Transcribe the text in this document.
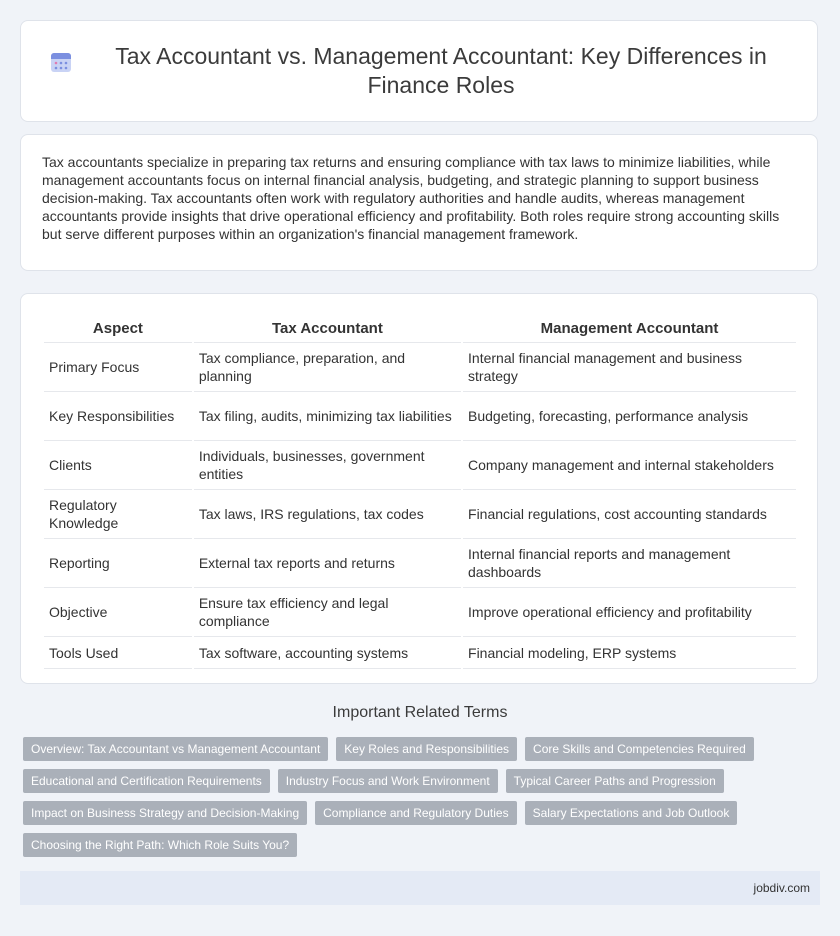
Tax Accountant vs. Management Accountant: Key Differences in Finance Roles

Tax accountants specialize in preparing tax returns and ensuring compliance with tax laws to minimize liabilities, while management accountants focus on internal financial analysis, budgeting, and strategic planning to support business decision-making. Tax accountants often work with regulatory authorities and handle audits, whereas management accountants provide insights that drive operational efficiency and profitability. Both roles require strong accounting skills but serve different purposes within an organization's financial management framework.

Aspect	Tax Accountant	Management Accountant
Primary Focus	Tax compliance, preparation, and planning	Internal financial management and business strategy
Key Responsibilities	Tax filing, audits, minimizing tax liabilities	Budgeting, forecasting, performance analysis
Clients	Individuals, businesses, government entities	Company management and internal stakeholders
Regulatory Knowledge	Tax laws, IRS regulations, tax codes	Financial regulations, cost accounting standards
Reporting	External tax reports and returns	Internal financial reports and management dashboards
Objective	Ensure tax efficiency and legal compliance	Improve operational efficiency and profitability
Tools Used	Tax software, accounting systems	Financial modeling, ERP systems
Important Related Terms
Overview: Tax Accountant vs Management Accountant	Key Roles and Responsibilities	Core Skills and Competencies Required
Educational and Certification Requirements	Industry Focus and Work Environment	Typical Career Paths and Progression
Impact on Business Strategy and Decision-Making	Compliance and Regulatory Duties	Salary Expectations and Job Outlook
Choosing the Right Path: Which Role Suits You?
jobdiv.com
